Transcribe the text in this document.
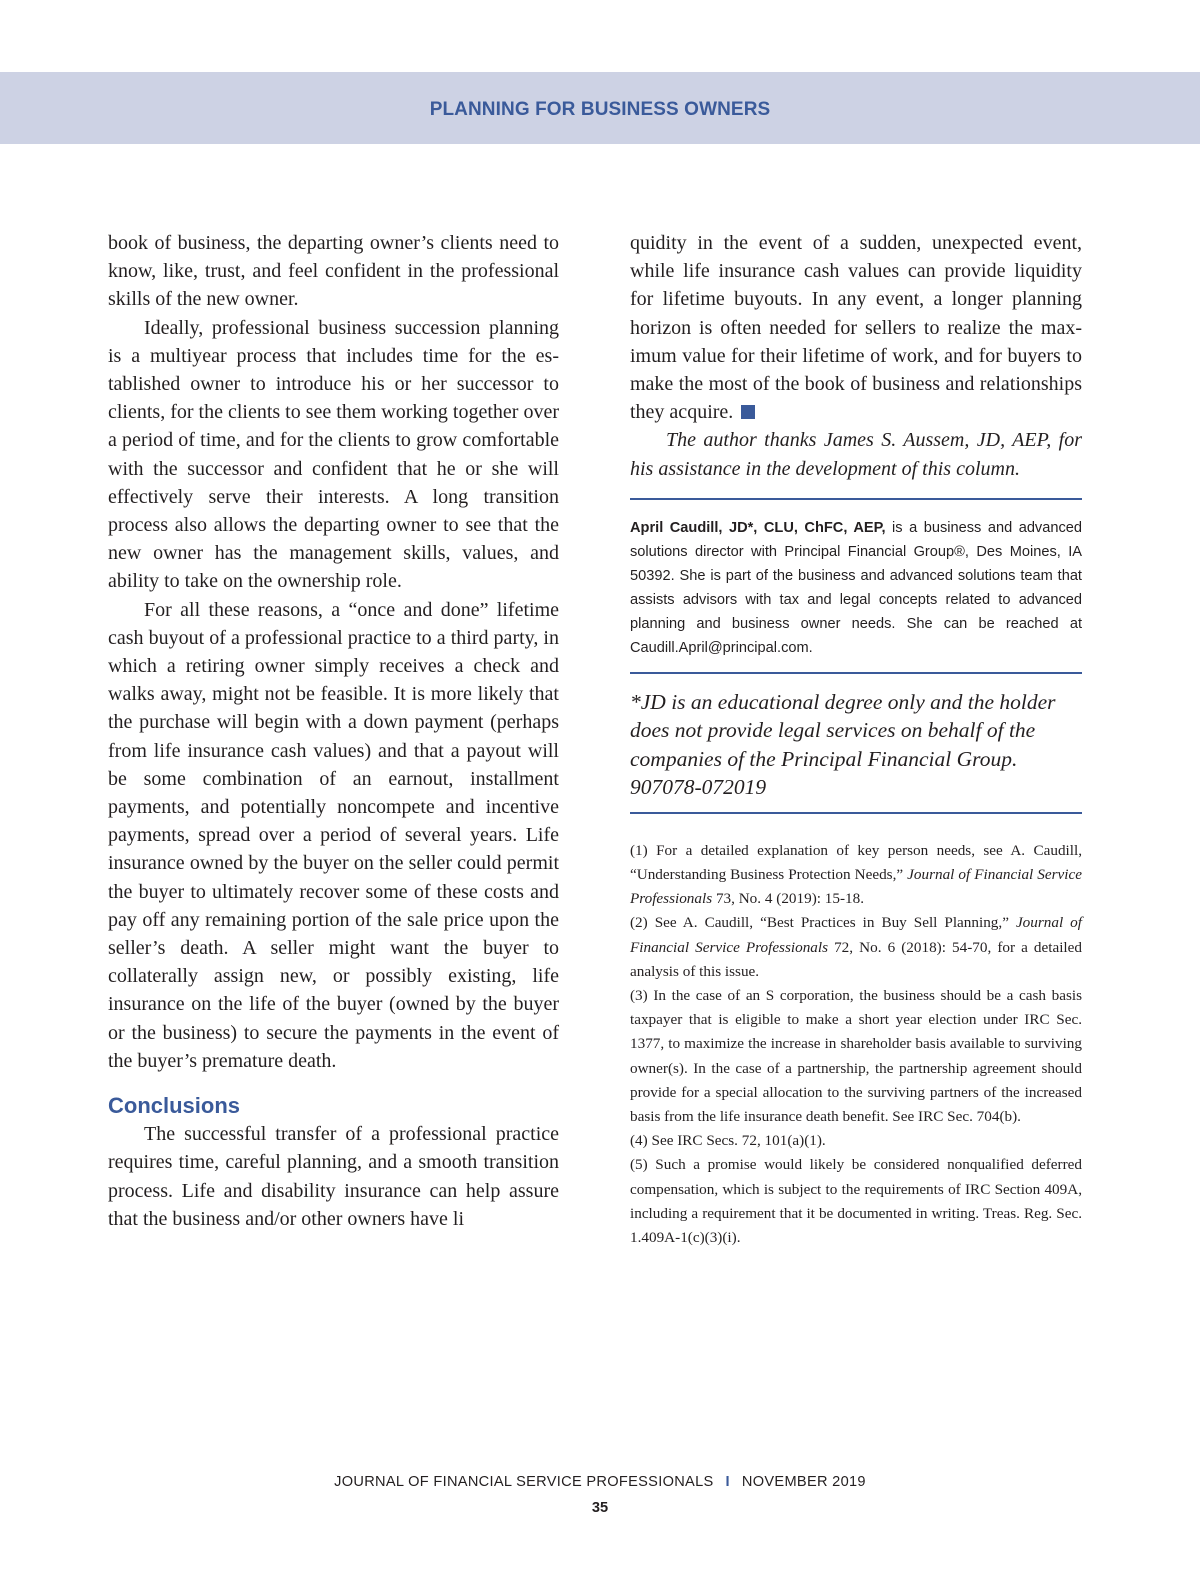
PLANNING FOR BUSINESS OWNERS

book of business, the departing owner’s clients need to know, like, trust, and feel confident in the professional skills of the new owner.

Ideally, professional business succession planning is a multiyear process that includes time for the established owner to introduce his or her successor to clients, for the clients to see them working together over a period of time, and for the clients to grow comfortable with the successor and confident that he or she will effectively serve their interests. A long transition process also allows the departing owner to see that the new owner has the management skills, values, and ability to take on the ownership role.

For all these reasons, a “once and done” lifetime cash buyout of a professional practice to a third party, in which a retiring owner simply receives a check and walks away, might not be feasible. It is more likely that the purchase will begin with a down payment (perhaps from life insurance cash values) and that a payout will be some combination of an earnout, installment payments, and potentially noncompete and incentive payments, spread over a period of several years. Life insurance owned by the buyer on the seller could permit the buyer to ultimately recover some of these costs and pay off any remaining portion of the sale price upon the seller’s death. A seller might want the buyer to collaterally assign new, or possibly existing, life insurance on the life of the buyer (owned by the buyer or the business) to secure the payments in the event of the buyer’s premature death.

Conclusions

The successful transfer of a professional practice requires time, careful planning, and a smooth transition process. Life and disability insurance can help assure that the business and/or other owners have li

quidity in the event of a sudden, unexpected event, while life insurance cash values can provide liquidity for lifetime buyouts. In any event, a longer planning horizon is often needed for sellers to realize the maximum value for their lifetime of work, and for buyers to make the most of the book of business and relationships they acquire.

The author thanks James S. Aussem, JD, AEP, for his assistance in the development of this column.

April Caudill, JD*, CLU, ChFC, AEP, is a business and advanced solutions director with Principal Financial Group®, Des Moines, IA 50392. She is part of the business and advanced solutions team that assists advisors with tax and legal concepts related to advanced planning and business owner needs. She can be reached at Caudill.April@principal.com.

*JD is an educational degree only and the holder does not provide legal services on behalf of the companies of the Principal Financial Group. 907078-072019

(1) For a detailed explanation of key person needs, see A. Caudill, “Understanding Business Protection Needs,” Journal of Financial Service Professionals 73, No. 4 (2019): 15-18.

(2) See A. Caudill, “Best Practices in Buy Sell Planning,” Journal of Financial Service Professionals 72, No. 6 (2018): 54-70, for a detailed analysis of this issue.

(3) In the case of an S corporation, the business should be a cash basis taxpayer that is eligible to make a short year election under IRC Sec. 1377, to maximize the increase in shareholder basis available to surviving owner(s). In the case of a partnership, the partnership agreement should provide for a special allocation to the surviving partners of the increased basis from the life insurance death benefit. See IRC Sec. 704(b).

(4) See IRC Secs. 72, 101(a)(1).

(5) Such a promise would likely be considered nonqualified deferred compensation, which is subject to the requirements of IRC Section 409A, including a requirement that it be documented in writing. Treas. Reg. Sec. 1.409A-1(c)(3)(i).

JOURNAL OF FINANCIAL SERVICE PROFESSIONALS I NOVEMBER 2019
35
